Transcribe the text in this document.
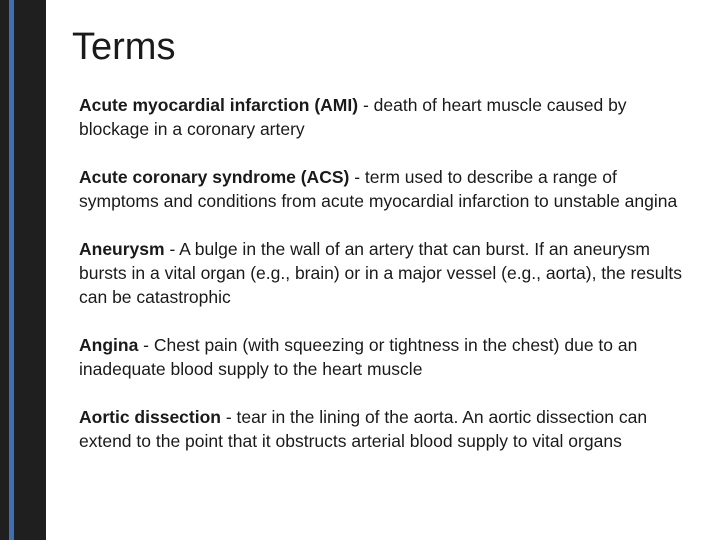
Terms

Acute myocardial infarction (AMI) - death of heart muscle caused by blockage in a coronary artery

Acute coronary syndrome (ACS) - term used to describe a range of symptoms and conditions from acute myocardial infarction to unstable angina

Aneurysm - A bulge in the wall of an artery that can burst. If an aneurysm bursts in a vital organ (e.g., brain) or in a major vessel (e.g., aorta), the results can be catastrophic

Angina - Chest pain (with squeezing or tightness in the chest) due to an inadequate blood supply to the heart muscle

Aortic dissection - tear in the lining of the aorta. An aortic dissection can extend to the point that it obstructs arterial blood supply to vital organs
